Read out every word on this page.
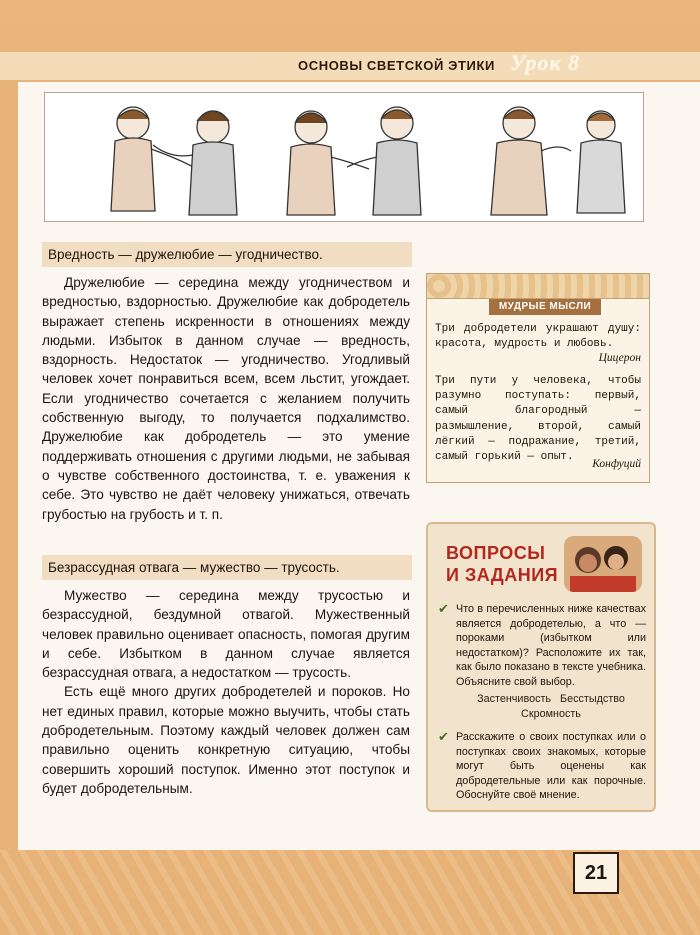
ОСНОВЫ СВЕТСКОЙ ЭТИКИ Урок 8
Вредность — дружелюбие — угодничество.

Дружелюбие — середина между угодничеством и вредностью, вздорностью. Дружелюбие как добродетель выражает степень искренности в отношениях между людьми. Избыток в данном случае — вредность, вздорность. Недостаток — угодничество. Угодливый человек хочет понравиться всем, всем льстит, угождает. Если угодничество сочетается с желанием получить собственную выгоду, то получается подхалимство. Дружелюбие как добродетель — это умение поддерживать отношения с другими людьми, не забывая о чувстве собственного достоинства, т. е. уважения к себе. Это чувство не даёт человеку унижаться, отвечать грубостью на грубость и т. п.

Безрассудная отвага — мужество — трусость.

Мужество — середина между трусостью и безрассудной, бездумной отвагой. Мужественный человек правильно оценивает опасность, помогая другим и себе. Избытком в данном случае является безрассудная отвага, а недостатком — трусость.

Есть ещё много других добродетелей и пороков. Но нет единых правил, которые можно выучить, чтобы стать добродетельным. Поэтому каждый человек должен сам правильно оценить конкретную ситуацию, чтобы совершить хороший поступок. Именно этот поступок и будет добродетельным.

МУДРЫЕ МЫСЛИ
Три добродетели украшают душу: красота, мудрость и любовь.
Цицерон
Три пути у человека, чтобы разумно поступать: первый, самый благородный — размышление, второй, самый лёгкий — подражание, третий, самый горький — опыт.
Конфуций
ВОПРОСЫ
И ЗАДАНИЯ
✔ Что в перечисленных ниже качествах является добродетелью, а что — пороками (избытком или недостатком)? Расположите их так, как было показано в тексте учебника. Объясните свой выбор.
Застенчивость   Бесстыдство
Скромность
✔ Расскажите о своих поступках или о поступках своих знакомых, которые могут быть оценены как добродетельные или как порочные. Обоснуйте своё мнение.
21
